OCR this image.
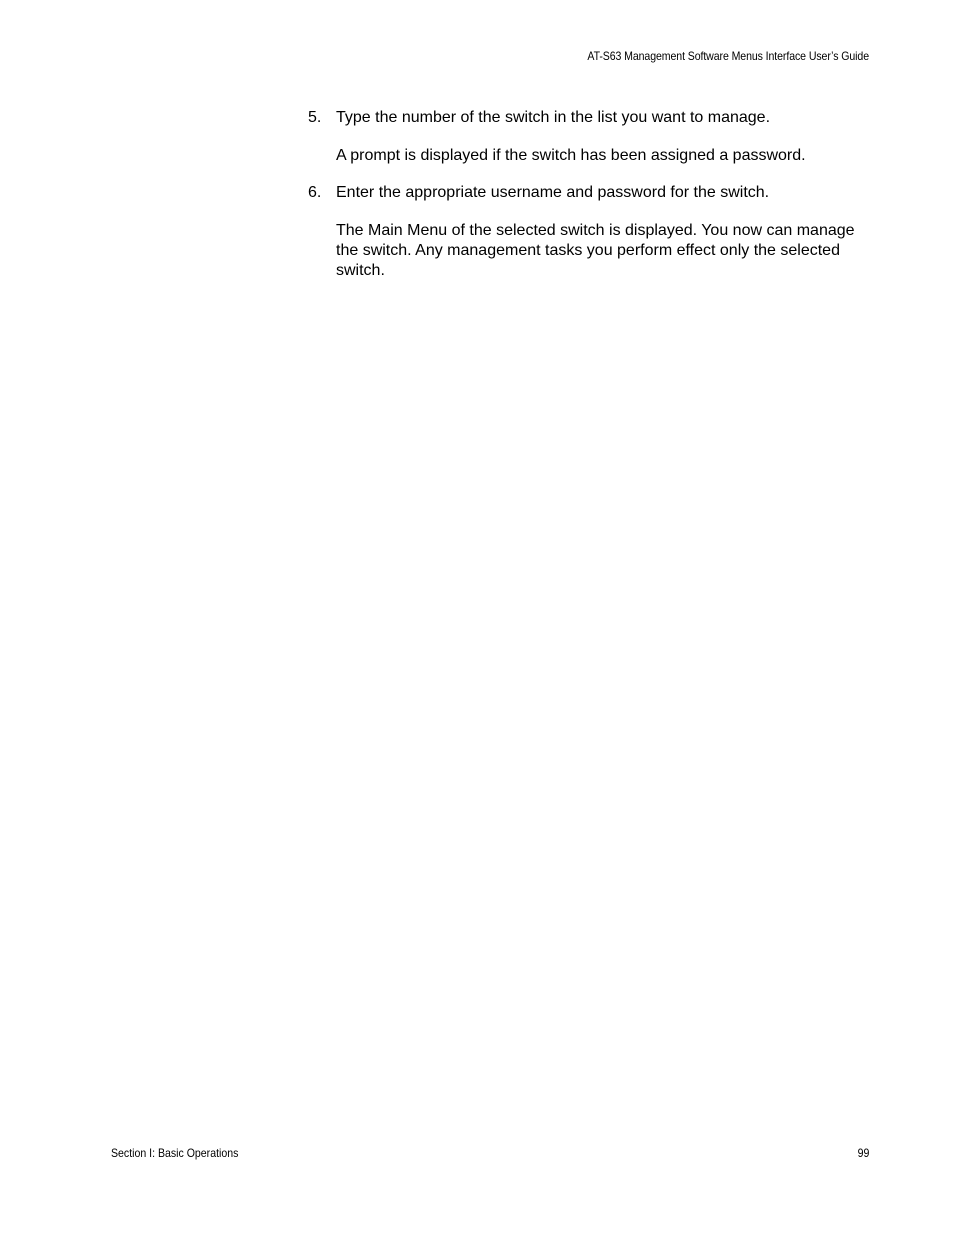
AT-S63 Management Software Menus Interface User’s Guide
5. Type the number of the switch in the list you want to manage.
A prompt is displayed if the switch has been assigned a password.
6. Enter the appropriate username and password for the switch.
The Main Menu of the selected switch is displayed. You now can manage the switch. Any management tasks you perform effect only the selected switch.
Section I: Basic Operations	99
